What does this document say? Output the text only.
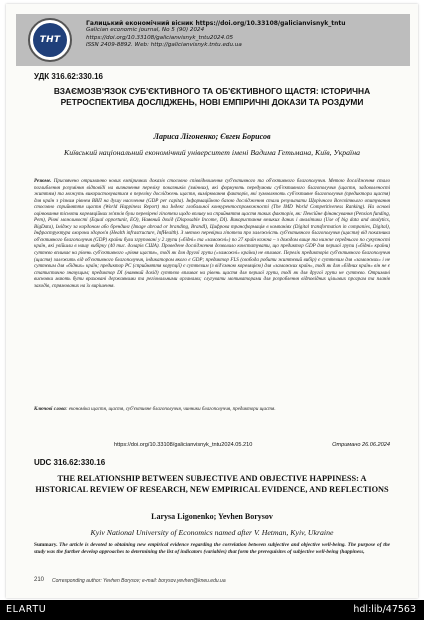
ТНТ
Галицький економічний вісник https://doi.org/10.33108/galicianvisnyk_tntu
Galician economic journal, No 5 (90) 2024
https://doi.org/10.33108/galicianvisnyk_tntu2024.05
ISSN 2409-8892. Web: http://galicianvisnyk.tntu.edu.ua
УДК 316.62:330.16
ВЗАЄМОЗВ'ЯЗОК СУБ'ЄКТИВНОГО ТА ОБ'ЄКТИВНОГО ЩАСТЯ: ІСТОРИЧНА РЕТРОСПЕКТИВА ДОСЛІДЖЕНЬ, НОВІ ЕМПІРИЧНІ ДОКАЗИ ТА РОЗДУМИ
Лариса Лігоненко; Євген Борисов
Київський національний економічний університет імені Вадима Гетьмана, Київ, Україна
Резюме. Присвячено отриманню нових емпіричних доказів стосовно співвідношення суб'єктивного та об'єктивного благополуччя. Метою дослідження стало поглиблення розуміння відповіді на визначення переліку показників (змінних), які формують передумови суб'єктивного благополуччя (щастя, задоволеності життям) та можуть використовуватися в переліку досліджень щастя, вимірювання факторів, які зумовлюють суб'єктивне благополуччя (предиктори щастя) для країн з різним рівнем ВВП на душу населення (GDP per capita). Інформаційною базою дослідження стали результати Щорічного Всесвітнього опитування стосовно сприйняття щастя (World Happiness Report) та Індекс глобальної конкурентоспроможності (The IMD World Competitiveness Ranking). На основі оцінювання тісноти кореляційних зв'язків були перевірені гіпотези щодо впливу на сприйняття щастя таких факторів, як: Пенсійне фінансування (Pension funding, Pem), Рівні можливості (Equal opportunit, EO), Наявний дохід (Disposable Income, DI). Використання великих даних і аналітики (Use of big data and analytics, BigData), Іміджу за кордоном або брендинг (Image abroad or branding, BrandI), Цифрова трансформація в компаніях (Digital transformation in companies, Digital), Інфраструктура охорони здоров'я (Health infrastructure, InfHealth). З метою перевірки гіпотези про залежність суб'єктивного благополуччя (щастя) від показника об'єктивного благополуччя (GDP) країни були згруповані у 2 групи («бідні» та «заможні») по 27 країн кожна – з доходом вище та нижче середнього по сукупності країн, які увійшли в нашу вибірку (40 тис. доларів США). Проведене дослідження дозволило констатувати, що предиктор GDP для першої групи («бідні» країни) суттєво впливає на рівень суб'єктивного «рівня щастя», тоді як для другої групи («заможні» країни) не впливає. Перелік предикторів суб'єктивного благополуччя (щастя) залежить від об'єктивного благополуччя, індикатором якого є GDP; предиктор FLS (свобода робити життєвий вибір) є суттєвим для «заможних» і не суттєвим для «бідних» країн; предиктор PC (сприйняття корупції) є суттєвим (з від'ємною кореляцією) для «заможних країн», тоді як для «бідних країн» він не є статистично значущим; предиктор DI (наявний дохід) суттєво впливає на рівень щастя для першої групи, тоді як для другої групи не суттєво. Отримані висновки мають бути враховані державними та регіональними органами; слугувати мотиваторами для розроблення відповідних цільових програм та планів заходів, спрямованих на їх вирішення.
Ключові слова: економіка щастя, щастя, суб'єктивне благополуччя, чинники благополуччя, предиктори щастя.
https://doi.org/10.33108/galicianvisnyk_tntu2024.05.210	Отримано 26.06.2024
UDC 316.62:330.16
THE RELATIONSHIP BETWEEN SUBJECTIVE AND OBJECTIVE HAPPINESS: A HISTORICAL REVIEW OF RESEARCH, NEW EMPIRICAL EVIDENCE, AND REFLECTIONS
Larysa Ligonenko; Yevhen Borysov
Kyiv National University of Economics named after V. Hetman, Kyiv, Ukraine
Summary. The article is devoted to obtaining new empirical evidence regarding the correlation between subjective and objective well-being. The purpose of the study was the further develop approaches to determining the list of indicators (variables) that form the prerequisites of subjective well-being (happiness,
210 Corresponding author: Yevhen Borysov; e-mail: borysov.yevhen@kneu.edu.ua
ELARTU	hdl:lib/47563
